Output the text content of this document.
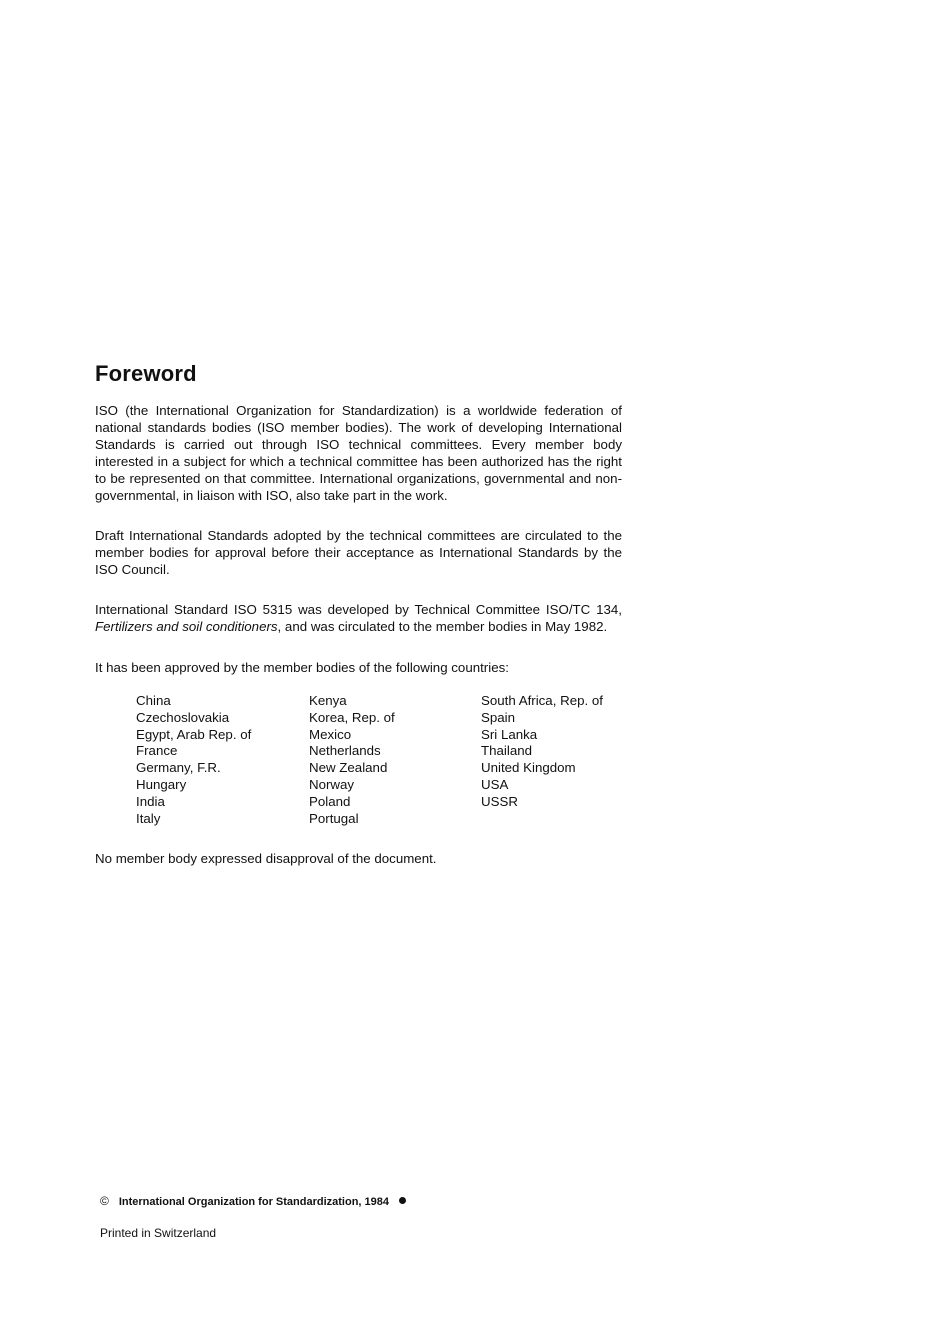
Foreword
ISO (the International Organization for Standardization) is a worldwide federation of national standards bodies (ISO member bodies). The work of developing International Standards is carried out through ISO technical committees. Every member body interested in a subject for which a technical committee has been authorized has the right to be represented on that committee. International organizations, governmental and non-governmental, in liaison with ISO, also take part in the work.
Draft International Standards adopted by the technical committees are circulated to the member bodies for approval before their acceptance as International Standards by the ISO Council.
International Standard ISO 5315 was developed by Technical Committee ISO/TC 134, Fertilizers and soil conditioners, and was circulated to the member bodies in May 1982.
It has been approved by the member bodies of the following countries:
China
Czechoslovakia
Egypt, Arab Rep. of
France
Germany, F.R.
Hungary
India
Italy
Kenya
Korea, Rep. of
Mexico
Netherlands
New Zealand
Norway
Poland
Portugal
South Africa, Rep. of
Spain
Sri Lanka
Thailand
United Kingdom
USA
USSR
No member body expressed disapproval of the document.
© International Organization for Standardization, 1984
Printed in Switzerland
